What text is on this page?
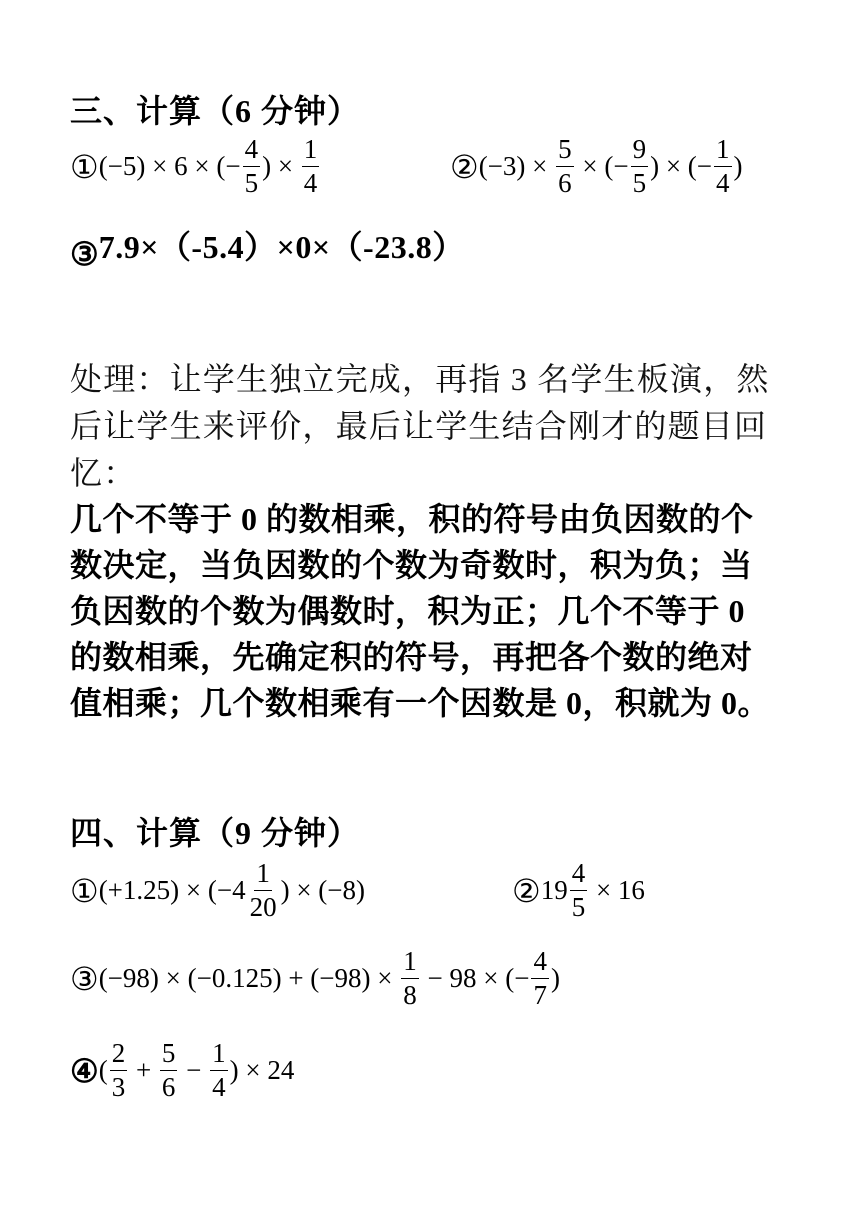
三、计算（6 分钟）
① (−5) × 6 × (− $\frac{4}{5}$ ) × $\frac{1}{4}$	② $(-3) \times \frac{5}{6}$ × (− $\frac{9}{5}$ ) × (− $\frac{1}{4}$ )
③7.9×（-5.4）×0×（-23.8）
处理：让学生独立完成，再指 3 名学生板演，然
后让学生来评价，最后让学生结合刚才的题目回
忆：
几个不等于 0 的数相乘，积的符号由负因数的个
数决定，当负因数的个数为奇数时，积为负；当
负因数的个数为偶数时，积为正；几个不等于 0
的数相乘，先确定积的符号，再把各个数的绝对
值相乘；几个数相乘有一个因数是 0，积就为 0。
四、计算（9 分钟）
① $(+1.25) \times (-4 \frac{1}{20}$ ) × (−8)	② $19 \frac{4}{5} \times 16$
③ $(-98) \times (-0.125) + (-98) \times \frac{1}{8} - 98$ × (− $\frac{4}{7}$ )
④ ( $\frac{2}{3} + \frac{5}{6} - \frac{1}{4}$ ) × 24
